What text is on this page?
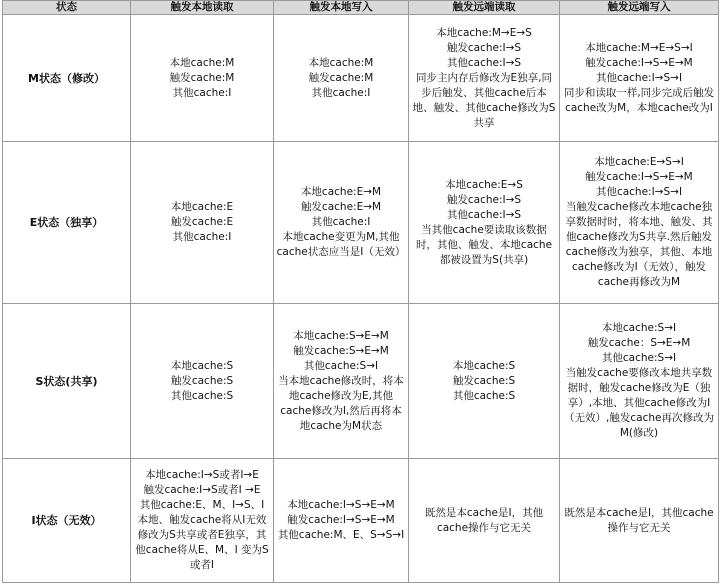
状态	触发本地读取	触发本地写入	触发远端读取	触发远端写入
M状态（修改）	本地cache:M
触发cache:M
其他cache:I	本地cache:M
触发cache:M
其他cache:I	本地cache:M→E→S
触发cache:I→S
其他cache:I→S
同步主内存后修改为E独享,同步后触发、其他cache后本地、触发、其他cache修改为S共享	本地cache:M→E→S→I
触发cache:I→S→E→M
其他cache:I→S→I
同步和读取一样,同步完成后触发cache改为M，本地cache改为I

E状态（独享）	本地cache:E
触发cache:E
其他cache:I	本地cache:E→M
触发cache:E→M
其他cache:I
本地cache变更为M,其他cache状态应当是I（无效）	本地cache:E→S
触发cache:I→S
其他cache:I→S
当其他cache要读取该数据时，其他、触发、本地cache都被设置为S(共享)	本地cache:E→S→I
触发cache:I→S→E→M
其他cache:I→S→I
当触发cache修改本地cache独享数据时时，将本地、触发、其他cache修改为S共享.然后触发cache修改为独享，其他、本地cache修改为I（无效），触发cache再修改为M

S状态(共享)	本地cache:S
触发cache:S
其他cache:S	本地cache:S→E→M
触发cache:S→E→M
其他cache:S→I
当本地cache修改时，将本地cache修改为E,其他cache修改为I,然后再将本地cache为M状态	本地cache:S
触发cache:S
其他cache:S	本地cache:S→I
触发cache：S→E→M
其他cache:S→I
当触发cache要修改本地共享数据时，触发cache修改为E（独享）,本地、其他cache修改为I（无效）,触发cache再次修改为M(修改)

I状态（无效）	本地cache:I→S或者I→E
触发cache:I→S或者I →E
其他cache:E、M、I→S、I
本地、触发cache将从I无效修改为S共享或者E独享，其他cache将从E、M、I 变为S或者I	本地cache:I→S→E→M
触发cache:I→S→E→M
其他cache:M、E、S→S→I	既然是本cache是I，其他cache操作与它无关	既然是本cache是I，其他cache操作与它无关
